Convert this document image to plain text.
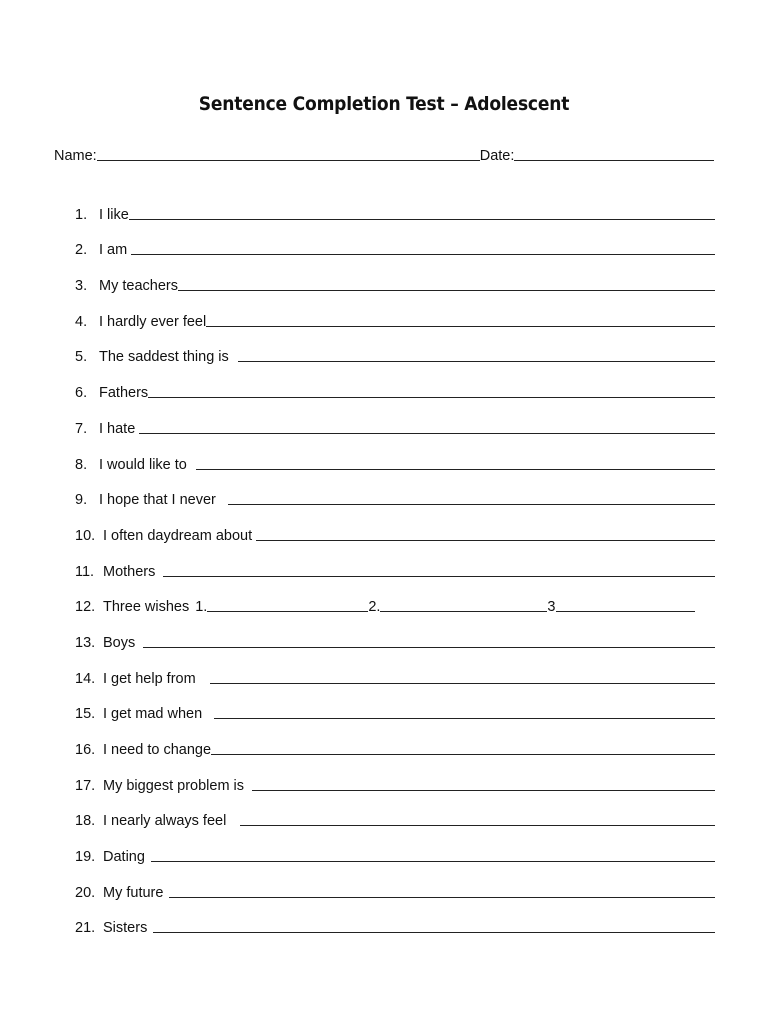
Sentence Completion Test – Adolescent
Name:	Date:
1. I like
2. I am
3. My teachers
4. I hardly ever feel
5. The saddest thing is
6. Fathers
7. I hate
8. I would like to
9. I hope that I never
10. I often daydream about
11. Mothers
12. Three wishes 1.	2.	3
13. Boys
14. I get help from
15. I get mad when
16. I need to change
17. My biggest problem is
18. I nearly always feel
19. Dating
20. My future
21. Sisters
